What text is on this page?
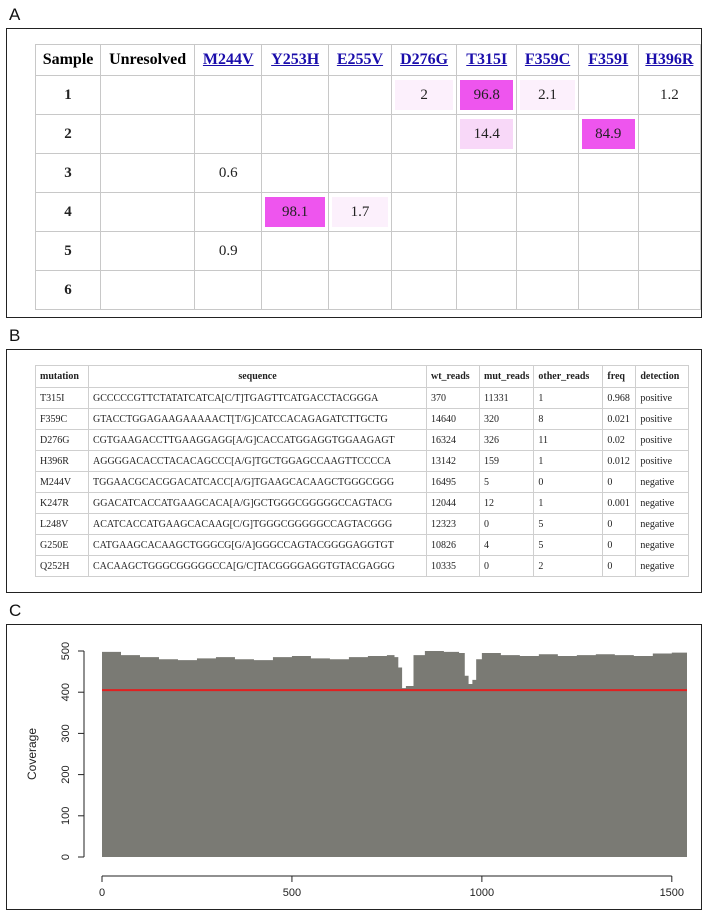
A
Sample	Unresolved	M244V	Y253H	E255V	D276G	T315I	F359C	F359I	H396R
1					2	96.8	2.1		1.2

2						14.4		84.9	

3		0.6							

4			98.1	1.7					

5		0.9							

6	

B
mutation	sequence	wt_reads	mut_reads	other_reads	freq	detection
T315I	GCCCCCGTTCTATATCATCA[C/T]TGAGTTCATGACCTACGGGA	370	11331	1	0.968	positive
F359C	GTACCTGGAGAAGAAAAACT[T/G]CATCCACAGAGATCTTGCTG	14640	320	8	0.021	positive
D276G	CGTGAAGACCTTGAAGGAGG[A/G]CACCATGGAGGTGGAAGAGT	16324	326	11	0.02	positive
H396R	AGGGGACACCTACACAGCCC[A/G]TGCTGGAGCCAAGTTCCCCA	13142	159	1	0.012	positive
M244V	TGGAACGCACGGACATCACC[A/G]TGAAGCACAAGCTGGGCGGG	16495	5	0	0	negative
K247R	GGACATCACCATGAAGCACA[A/G]GCTGGGCGGGGGCCAGTACG	12044	12	1	0.001	negative
L248V	ACATCACCATGAAGCACAAG[C/G]TGGGCGGGGGCCAGTACGGG	12323	0	5	0	negative
G250E	CATGAAGCACAAGCTGGGCG[G/A]GGGCCAGTACGGGGAGGTGT	10826	4	5	0	negative
Q252H	CACAAGCTGGGCGGGGGCCA[G/C]TACGGGGAGGTGTACGAGGG	10335	0	2	0	negative
C
0
100
200
300
400
500
Coverage
0	500	1000	1500
